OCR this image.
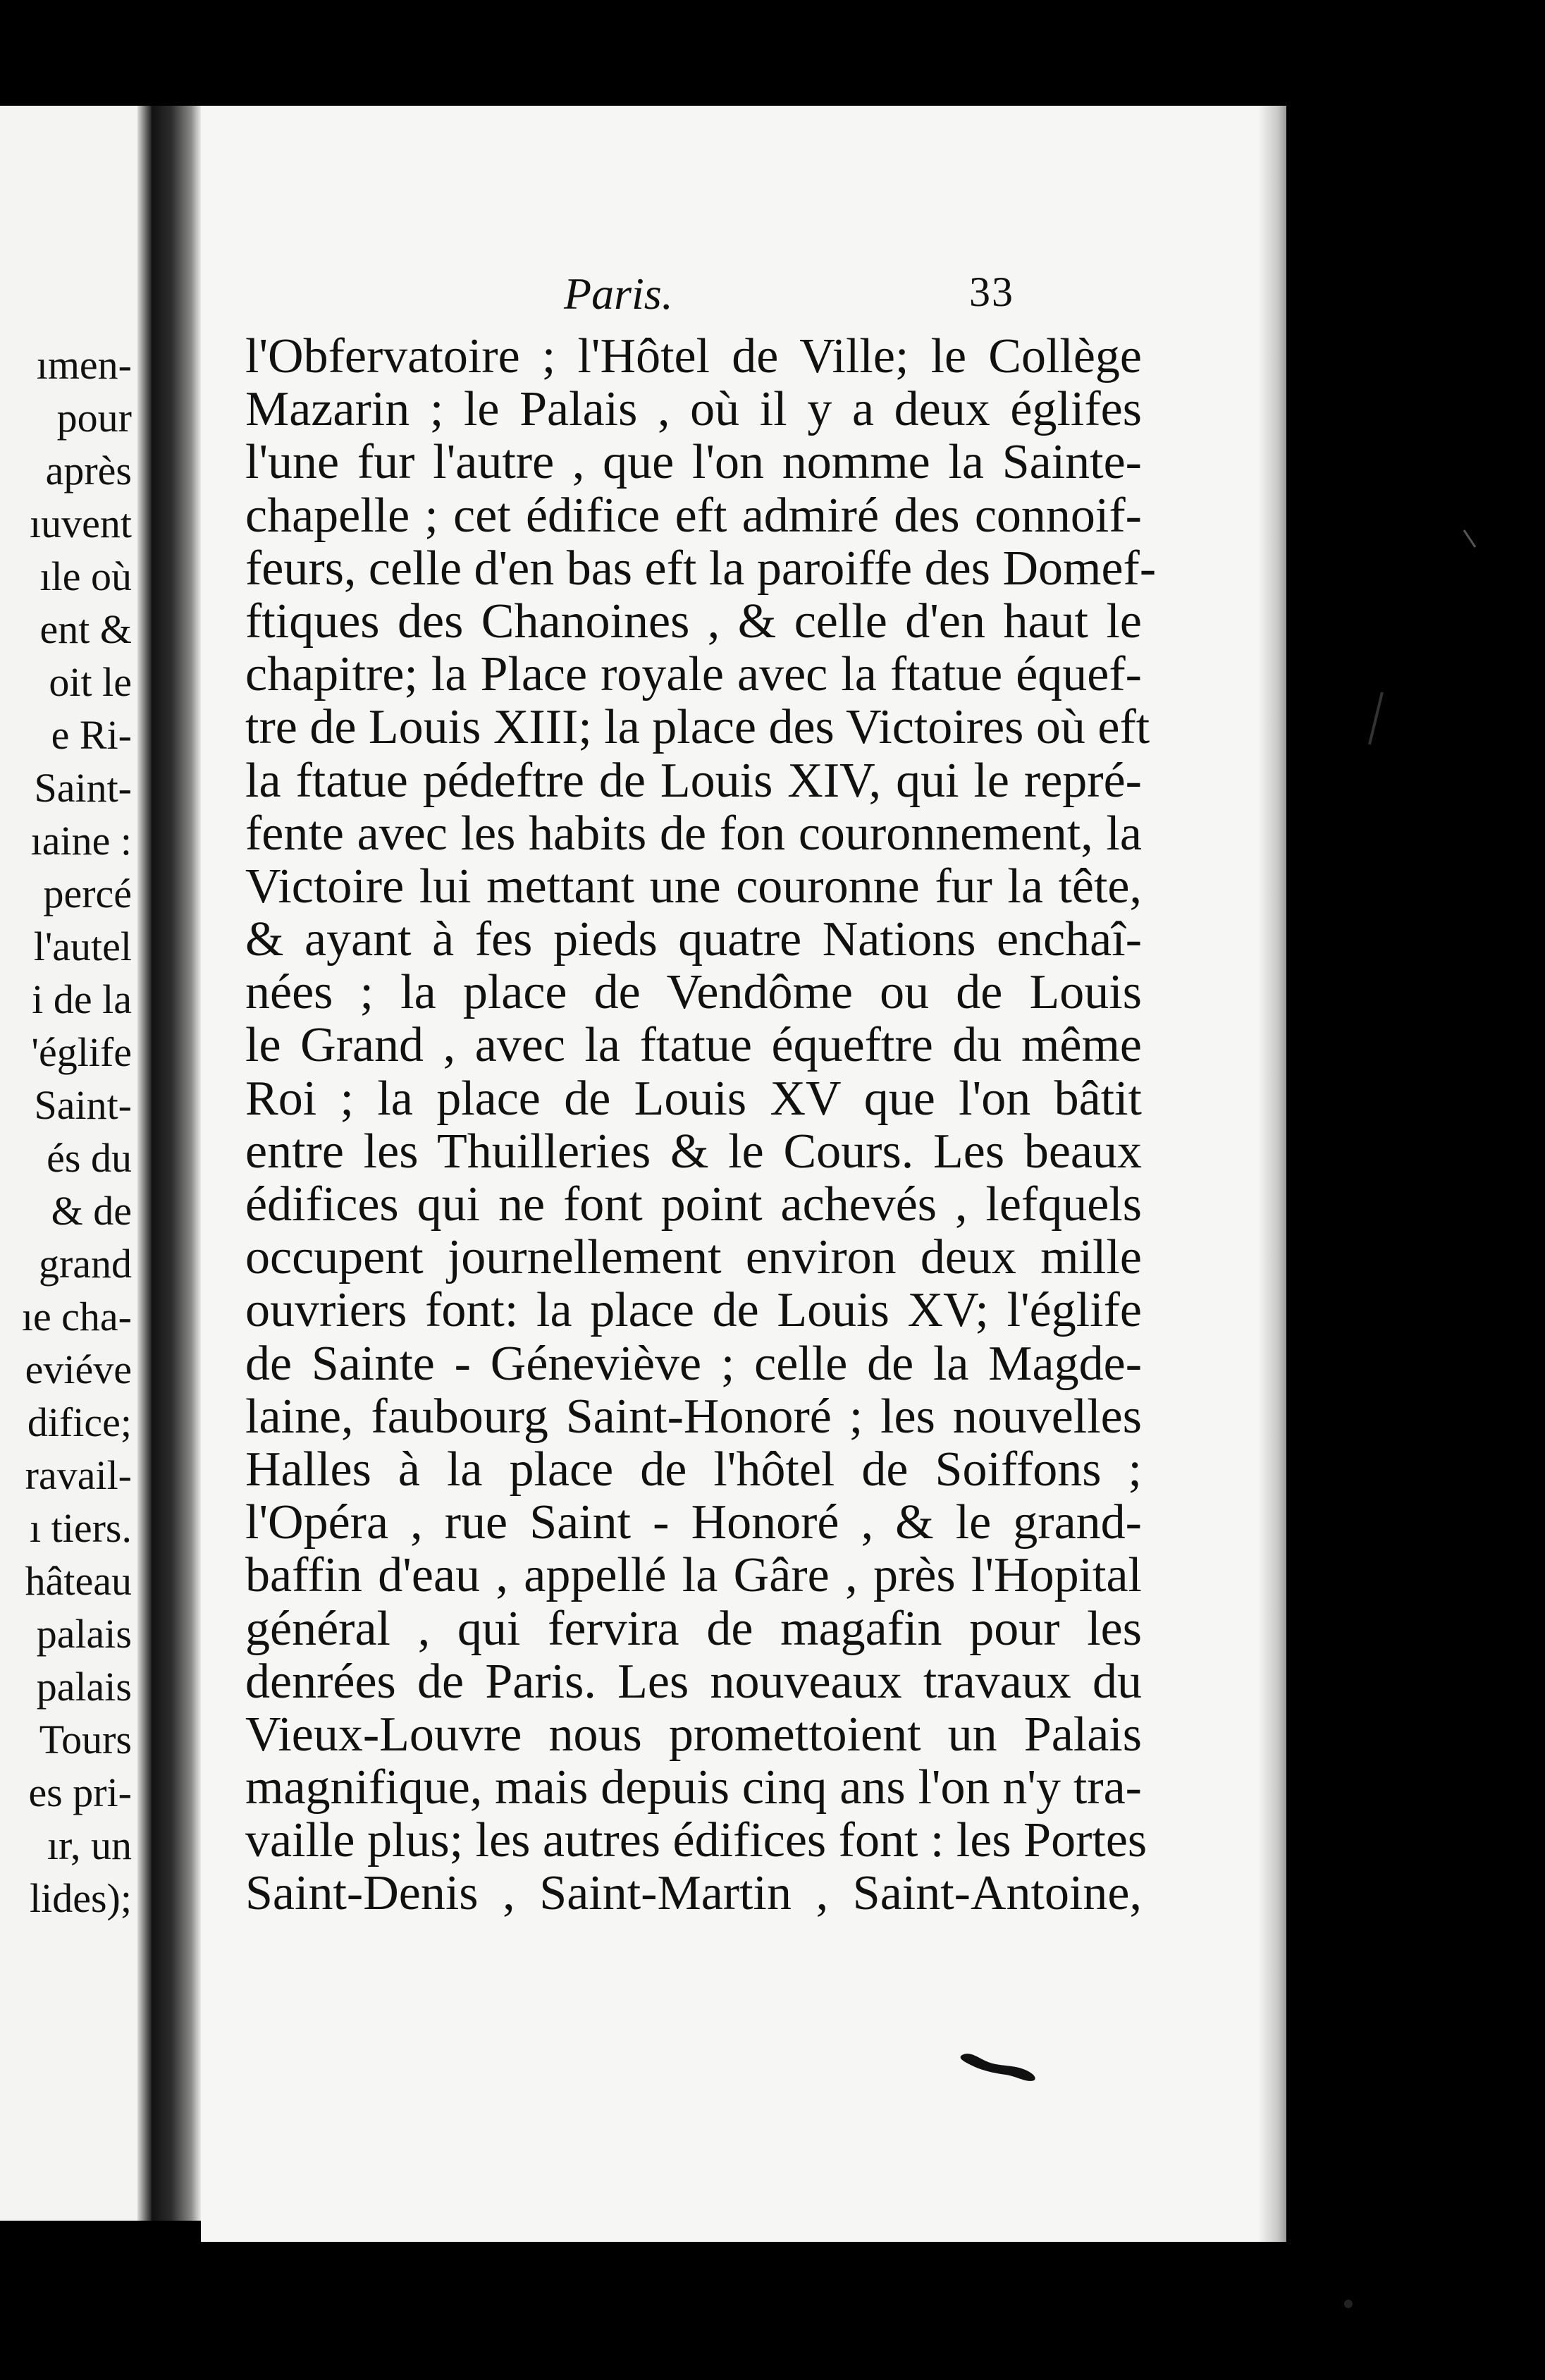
ımen-
pour
après
ıuvent
ıle où
ent &
oit le
e Ri-
Saint-
ıaine :
percé
l'autel
i de la
'églife
Saint-
és du
& de
grand
ıe cha-
eviéve
difice;
ravail-
ı tiers.
hâteau
palais
palais
Tours
es pri-
ır, un
lides);
Paris.	33
l'Obfervatoire ; l'Hôtel de Ville; le Collège
Mazarin ; le Palais , où il y a deux églifes
l'une fur l'autre , que l'on nomme la Sainte-
chapelle ; cet édifice eft admiré des connoif-
feurs, celle d'en bas eft la paroiffe des Domef-
ftiques des Chanoines , & celle d'en haut le
chapitre; la Place royale avec la ftatue équef-
tre de Louis XIII; la place des Victoires où eft
la ftatue pédeftre de Louis XIV, qui le repré-
fente avec les habits de fon couronnement, la
Victoire lui mettant une couronne fur la tête,
& ayant à fes pieds quatre Nations enchaî-
nées ; la place de Vendôme ou de Louis
le Grand , avec la ftatue équeftre du même
Roi ; la place de Louis XV que l'on bâtit
entre les Thuilleries & le Cours. Les beaux
édifices qui ne font point achevés , lefquels
occupent journellement environ deux mille
ouvriers font: la place de Louis XV; l'églife
de Sainte - Géneviève ; celle de la Magde-
laine, faubourg Saint-Honoré ; les nouvelles
Halles à la place de l'hôtel de Soiffons ;
l'Opéra , rue Saint - Honoré , & le grand-
baffin d'eau , appellé la Gâre , près l'Hopital
général , qui fervira de magafin pour les
denrées de Paris. Les nouveaux travaux du
Vieux-Louvre nous promettoient un Palais
magnifique, mais depuis cinq ans l'on n'y tra-
vaille plus; les autres édifices font : les Portes
Saint-Denis , Saint-Martin , Saint-Antoine,
